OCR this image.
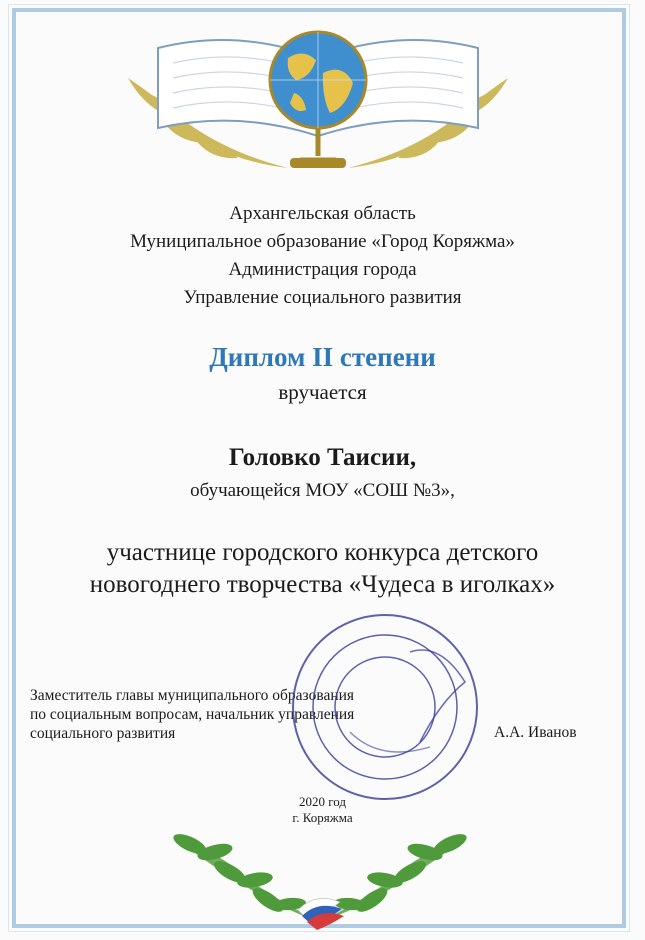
Архангельская область
Муниципальное образование «Город Коряжма»
Администрация города
Управление социального развития
Диплом II степени
вручается
Головко Таисии,
обучающейся МОУ «СОШ №3»,
участнице городского конкурса детского
новогоднего творчества «Чудеса в иголках»
Заместитель главы муниципального образования
по социальным вопросам, начальник управления
социального развития	А.А. Иванов
2020 год
г. Коряжма
